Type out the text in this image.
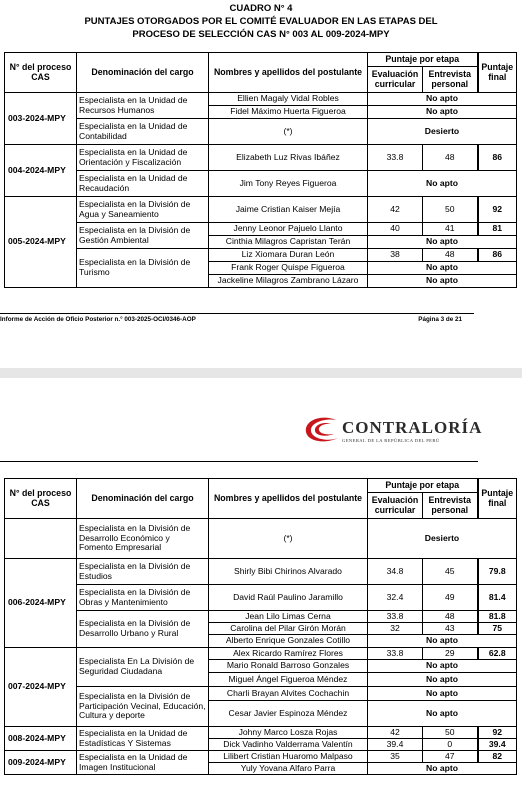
CUADRO N° 4
PUNTAJES OTORGADOS POR EL COMITÉ EVALUADOR EN LAS ETAPAS DEL
PROCESO DE SELECCIÓN CAS N° 003 AL 009-2024-MPY
N° del proceso CAS	Denominación del cargo	Nombres y apellidos del postulante	Puntaje por etapa		Puntaje final
			Evaluación curricular	Entrevista personal	
003-2024-MPY	Especialista en la Unidad de Recursos Humanos	Ellien Magaly Vidal Robles	No apto		
		Fidel Máximo Huerta Figueroa	No apto		
	Especialista en la Unidad de Contabilidad	(*)	Desierto		
004-2024-MPY	Especialista en la Unidad de Orientación y Fiscalización	Elizabeth Luz Rivas Ibáñez	33.8	48	86
	Especialista en la Unidad de Recaudación	Jim Tony Reyes Figueroa	No apto		
005-2024-MPY	Especialista en la División de Agua y Saneamiento	Jaime Cristian Kaiser Mejía	42	50	92
	Especialista en la División de Gestión Ambiental	Jenny Leonor Pajuelo Llanto	40	41	81
		Cinthia Milagros Capristan Terán	No apto		
	Especialista en la División de Turismo	Liz Xiomara Duran León	38	48	86
		Frank Roger Quispe Figueroa	No apto		
		Jackeline Milagros Zambrano Lázaro	No apto		
Informe de Acción de Oficio Posterior n.° 003-2025-OCI/0346-AOP	Página 3 de 21
CONTRALORÍA
GENERAL DE LA REPÚBLICA DEL PERÚ
N° del proceso CAS	Denominación del cargo	Nombres y apellidos del postulante	Puntaje por etapa		Puntaje final
			Evaluación curricular	Entrevista personal	
	Especialista en la División de Desarrollo Económico y Fomento Empresarial	(*)	Desierto		
006-2024-MPY	Especialista en la División de Estudios	Shirly Bibi Chirinos Alvarado	34.8	45	79.8
	Especialista en la División de Obras y Mantenimiento	David Raúl Paulino Jaramillo	32.4	49	81.4
	Especialista en la División de Desarrollo Urbano y Rural	Jean Lilo Limas Cerna	33.8	48	81.8
		Carolina del Pilar Girón Morán	32	43	75
		Alberto Enrique Gonzales Cotillo	No apto		
007-2024-MPY	Especialista En La División de Seguridad Ciudadana	Alex Ricardo Ramírez Flores	33.8	29	62.8
		Mario Ronald Barroso Gonzales	No apto		
		Miguel Ángel Figueroa Méndez	No apto		
	Especialista en la División de Participación Vecinal, Educación, Cultura y deporte	Charli Brayan Alvites Cochachin	No apto		
		Cesar Javier Espinoza Méndez	No apto		
008-2024-MPY	Especialista en la Unidad de Estadísticas Y Sistemas	Johny Marco Losza Rojas	42	50	92
		Dick Vadinho Valderrama Valentín	39.4	0	39.4
009-2024-MPY	Especialista en la Unidad de Imagen Institucional	Lilibert Cristian Huaromo Malpaso	35	47	82
		Yuly Yovana Alfaro Parra	No apto		
